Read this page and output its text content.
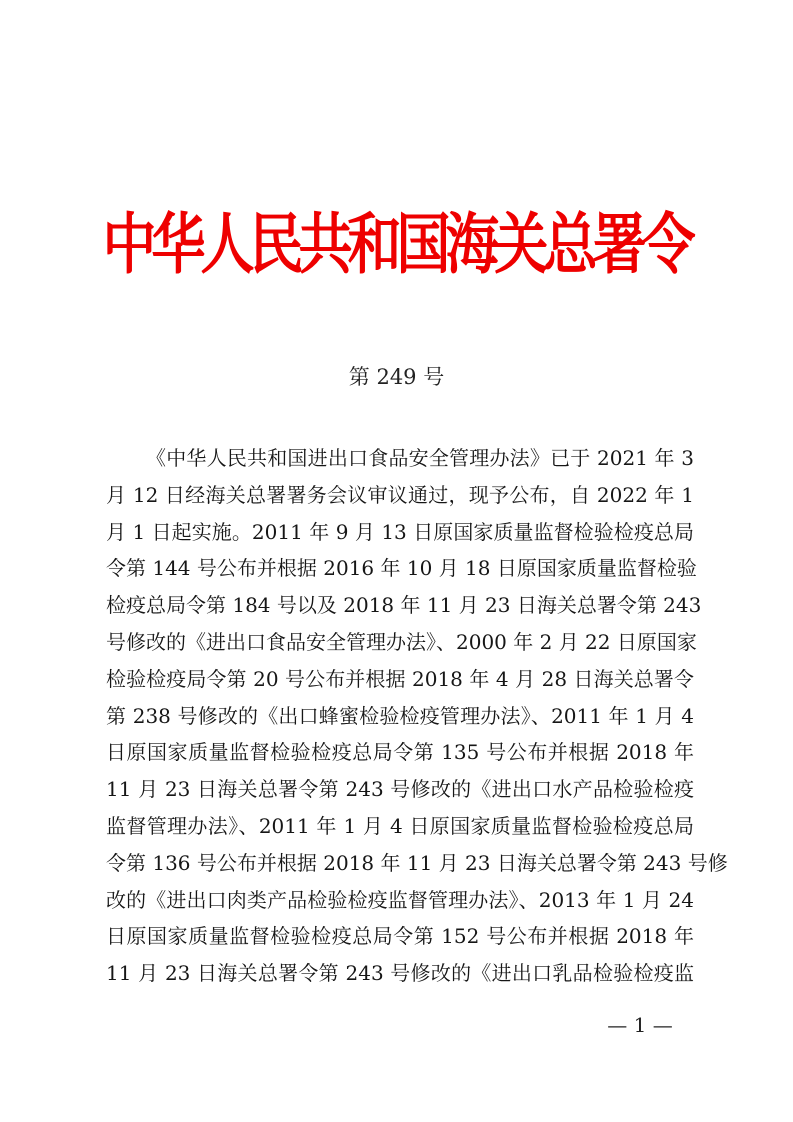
中华人民共和国海关总署令
第 249 号
《中华人民共和国进出口食品安全管理办法》已于 2021 年 3
月 12 日经海关总署署务会议审议通过，现予公布，自 2022 年 1
月 1 日起实施。2011 年 9 月 13 日原国家质量监督检验检疫总局
令第 144 号公布并根据 2016 年 10 月 18 日原国家质量监督检验
检疫总局令第 184 号以及 2018 年 11 月 23 日海关总署令第 243
号修改的《进出口食品安全管理办法》、2000 年 2 月 22 日原国家
检验检疫局令第 20 号公布并根据 2018 年 4 月 28 日海关总署令
第 238 号修改的《出口蜂蜜检验检疫管理办法》、2011 年 1 月 4
日原国家质量监督检验检疫总局令第 135 号公布并根据 2018 年
11 月 23 日海关总署令第 243 号修改的《进出口水产品检验检疫
监督管理办法》、2011 年 1 月 4 日原国家质量监督检验检疫总局
令第 136 号公布并根据 2018 年 11 月 23 日海关总署令第 243 号修
改的《进出口肉类产品检验检疫监督管理办法》、2013 年 1 月 24
日原国家质量监督检验检疫总局令第 152 号公布并根据 2018 年
11 月 23 日海关总署令第 243 号修改的《进出口乳品检验检疫监
— 1 —
